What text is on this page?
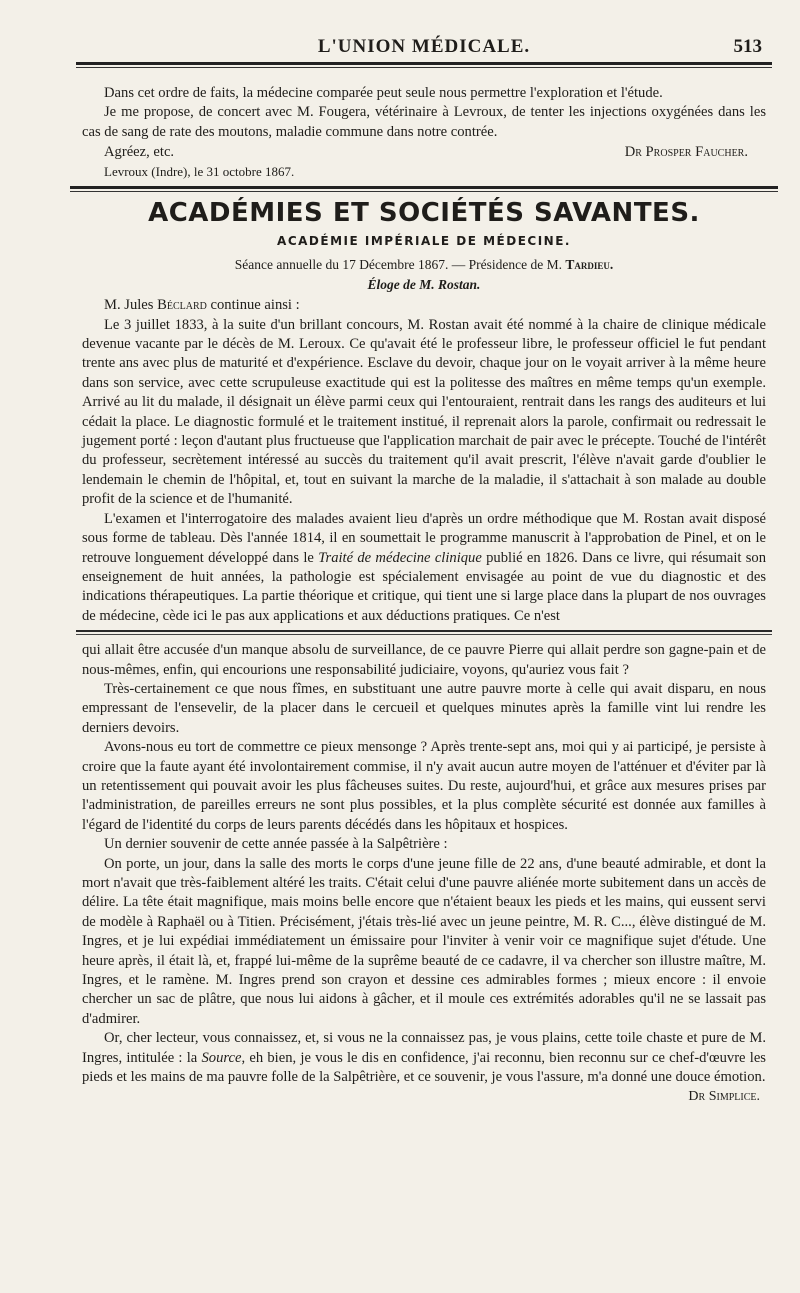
L'UNION MÉDICALE.	513

Dans cet ordre de faits, la médecine comparée peut seule nous permettre l'exploration et l'étude.

Je me propose, de concert avec M. Fougera, vétérinaire à Levroux, de tenter les injections oxygénées dans les cas de sang de rate des moutons, maladie commune dans notre contrée.

Agréez, etc.	Dr Prosper Faucher.
Levroux (Indre), le 31 octobre 1867.
ACADÉMIES ET SOCIÉTÉS SAVANTES.
ACADÉMIE IMPÉRIALE DE MÉDECINE.
Séance annuelle du 17 Décembre 1867. — Présidence de M. Tardieu.
Éloge de M. Rostan.

M. Jules Béclard continue ainsi :

Le 3 juillet 1833, à la suite d'un brillant concours, M. Rostan avait été nommé à la chaire de clinique médicale devenue vacante par le décès de M. Leroux. Ce qu'avait été le professeur libre, le professeur officiel le fut pendant trente ans avec plus de maturité et d'expérience. Esclave du devoir, chaque jour on le voyait arriver à la même heure dans son service, avec cette scrupuleuse exactitude qui est la politesse des maîtres en même temps qu'un exemple. Arrivé au lit du malade, il désignait un élève parmi ceux qui l'entouraient, rentrait dans les rangs des auditeurs et lui cédait la place. Le diagnostic formulé et le traitement institué, il reprenait alors la parole, confirmait ou redressait le jugement porté : leçon d'autant plus fructueuse que l'application marchait de pair avec le précepte. Touché de l'intérêt du professeur, secrètement intéressé au succès du traitement qu'il avait prescrit, l'élève n'avait garde d'oublier le lendemain le chemin de l'hôpital, et, tout en suivant la marche de la maladie, il s'attachait à son malade au double profit de la science et de l'humanité.

L'examen et l'interrogatoire des malades avaient lieu d'après un ordre méthodique que M. Rostan avait disposé sous forme de tableau. Dès l'année 1814, il en soumettait le programme manuscrit à l'approbation de Pinel, et on le retrouve longuement développé dans le Traité de médecine clinique publié en 1826. Dans ce livre, qui résumait son enseignement de huit années, la pathologie est spécialement envisagée au point de vue du diagnostic et des indications thérapeutiques. La partie théorique et critique, qui tient une si large place dans la plupart de nos ouvrages de médecine, cède ici le pas aux applications et aux déductions pratiques. Ce n'est

qui allait être accusée d'un manque absolu de surveillance, de ce pauvre Pierre qui allait perdre son gagne-pain et de nous-mêmes, enfin, qui encourions une responsabilité judiciaire, voyons, qu'auriez vous fait ?

Très-certainement ce que nous fîmes, en substituant une autre pauvre morte à celle qui avait disparu, en nous empressant de l'ensevelir, de la placer dans le cercueil et quelques minutes après la famille vint lui rendre les derniers devoirs.

Avons-nous eu tort de commettre ce pieux mensonge ? Après trente-sept ans, moi qui y ai participé, je persiste à croire que la faute ayant été involontairement commise, il n'y avait aucun autre moyen de l'atténuer et d'éviter par là un retentissement qui pouvait avoir les plus fâcheuses suites. Du reste, aujourd'hui, et grâce aux mesures prises par l'administration, de pareilles erreurs ne sont plus possibles, et la plus complète sécurité est donnée aux familles à l'égard de l'identité du corps de leurs parents décédés dans les hôpitaux et hospices.

Un dernier souvenir de cette année passée à la Salpêtrière :

On porte, un jour, dans la salle des morts le corps d'une jeune fille de 22 ans, d'une beauté admirable, et dont la mort n'avait que très-faiblement altéré les traits. C'était celui d'une pauvre aliénée morte subitement dans un accès de délire. La tête était magnifique, mais moins belle encore que n'étaient beaux les pieds et les mains, qui eussent servi de modèle à Raphaël ou à Titien. Précisément, j'étais très-lié avec un jeune peintre, M. R. C..., élève distingué de M. Ingres, et je lui expédiai immédiatement un émissaire pour l'inviter à venir voir ce magnifique sujet d'étude. Une heure après, il était là, et, frappé lui-même de la suprême beauté de ce cadavre, il va chercher son illustre maître, M. Ingres, et le ramène. M. Ingres prend son crayon et dessine ces admirables formes ; mieux encore : il envoie chercher un sac de plâtre, que nous lui aidons à gâcher, et il moule ces extrémités adorables qu'il ne se lassait pas d'admirer.

Or, cher lecteur, vous connaissez, et, si vous ne la connaissez pas, je vous plains, cette toile chaste et pure de M. Ingres, intitulée : la Source, eh bien, je vous le dis en confidence, j'ai reconnu, bien reconnu sur ce chef-d'œuvre les pieds et les mains de ma pauvre folle de la Salpêtrière, et ce souvenir, je vous l'assure, m'a donné une douce émotion.

Dr Simplice.
